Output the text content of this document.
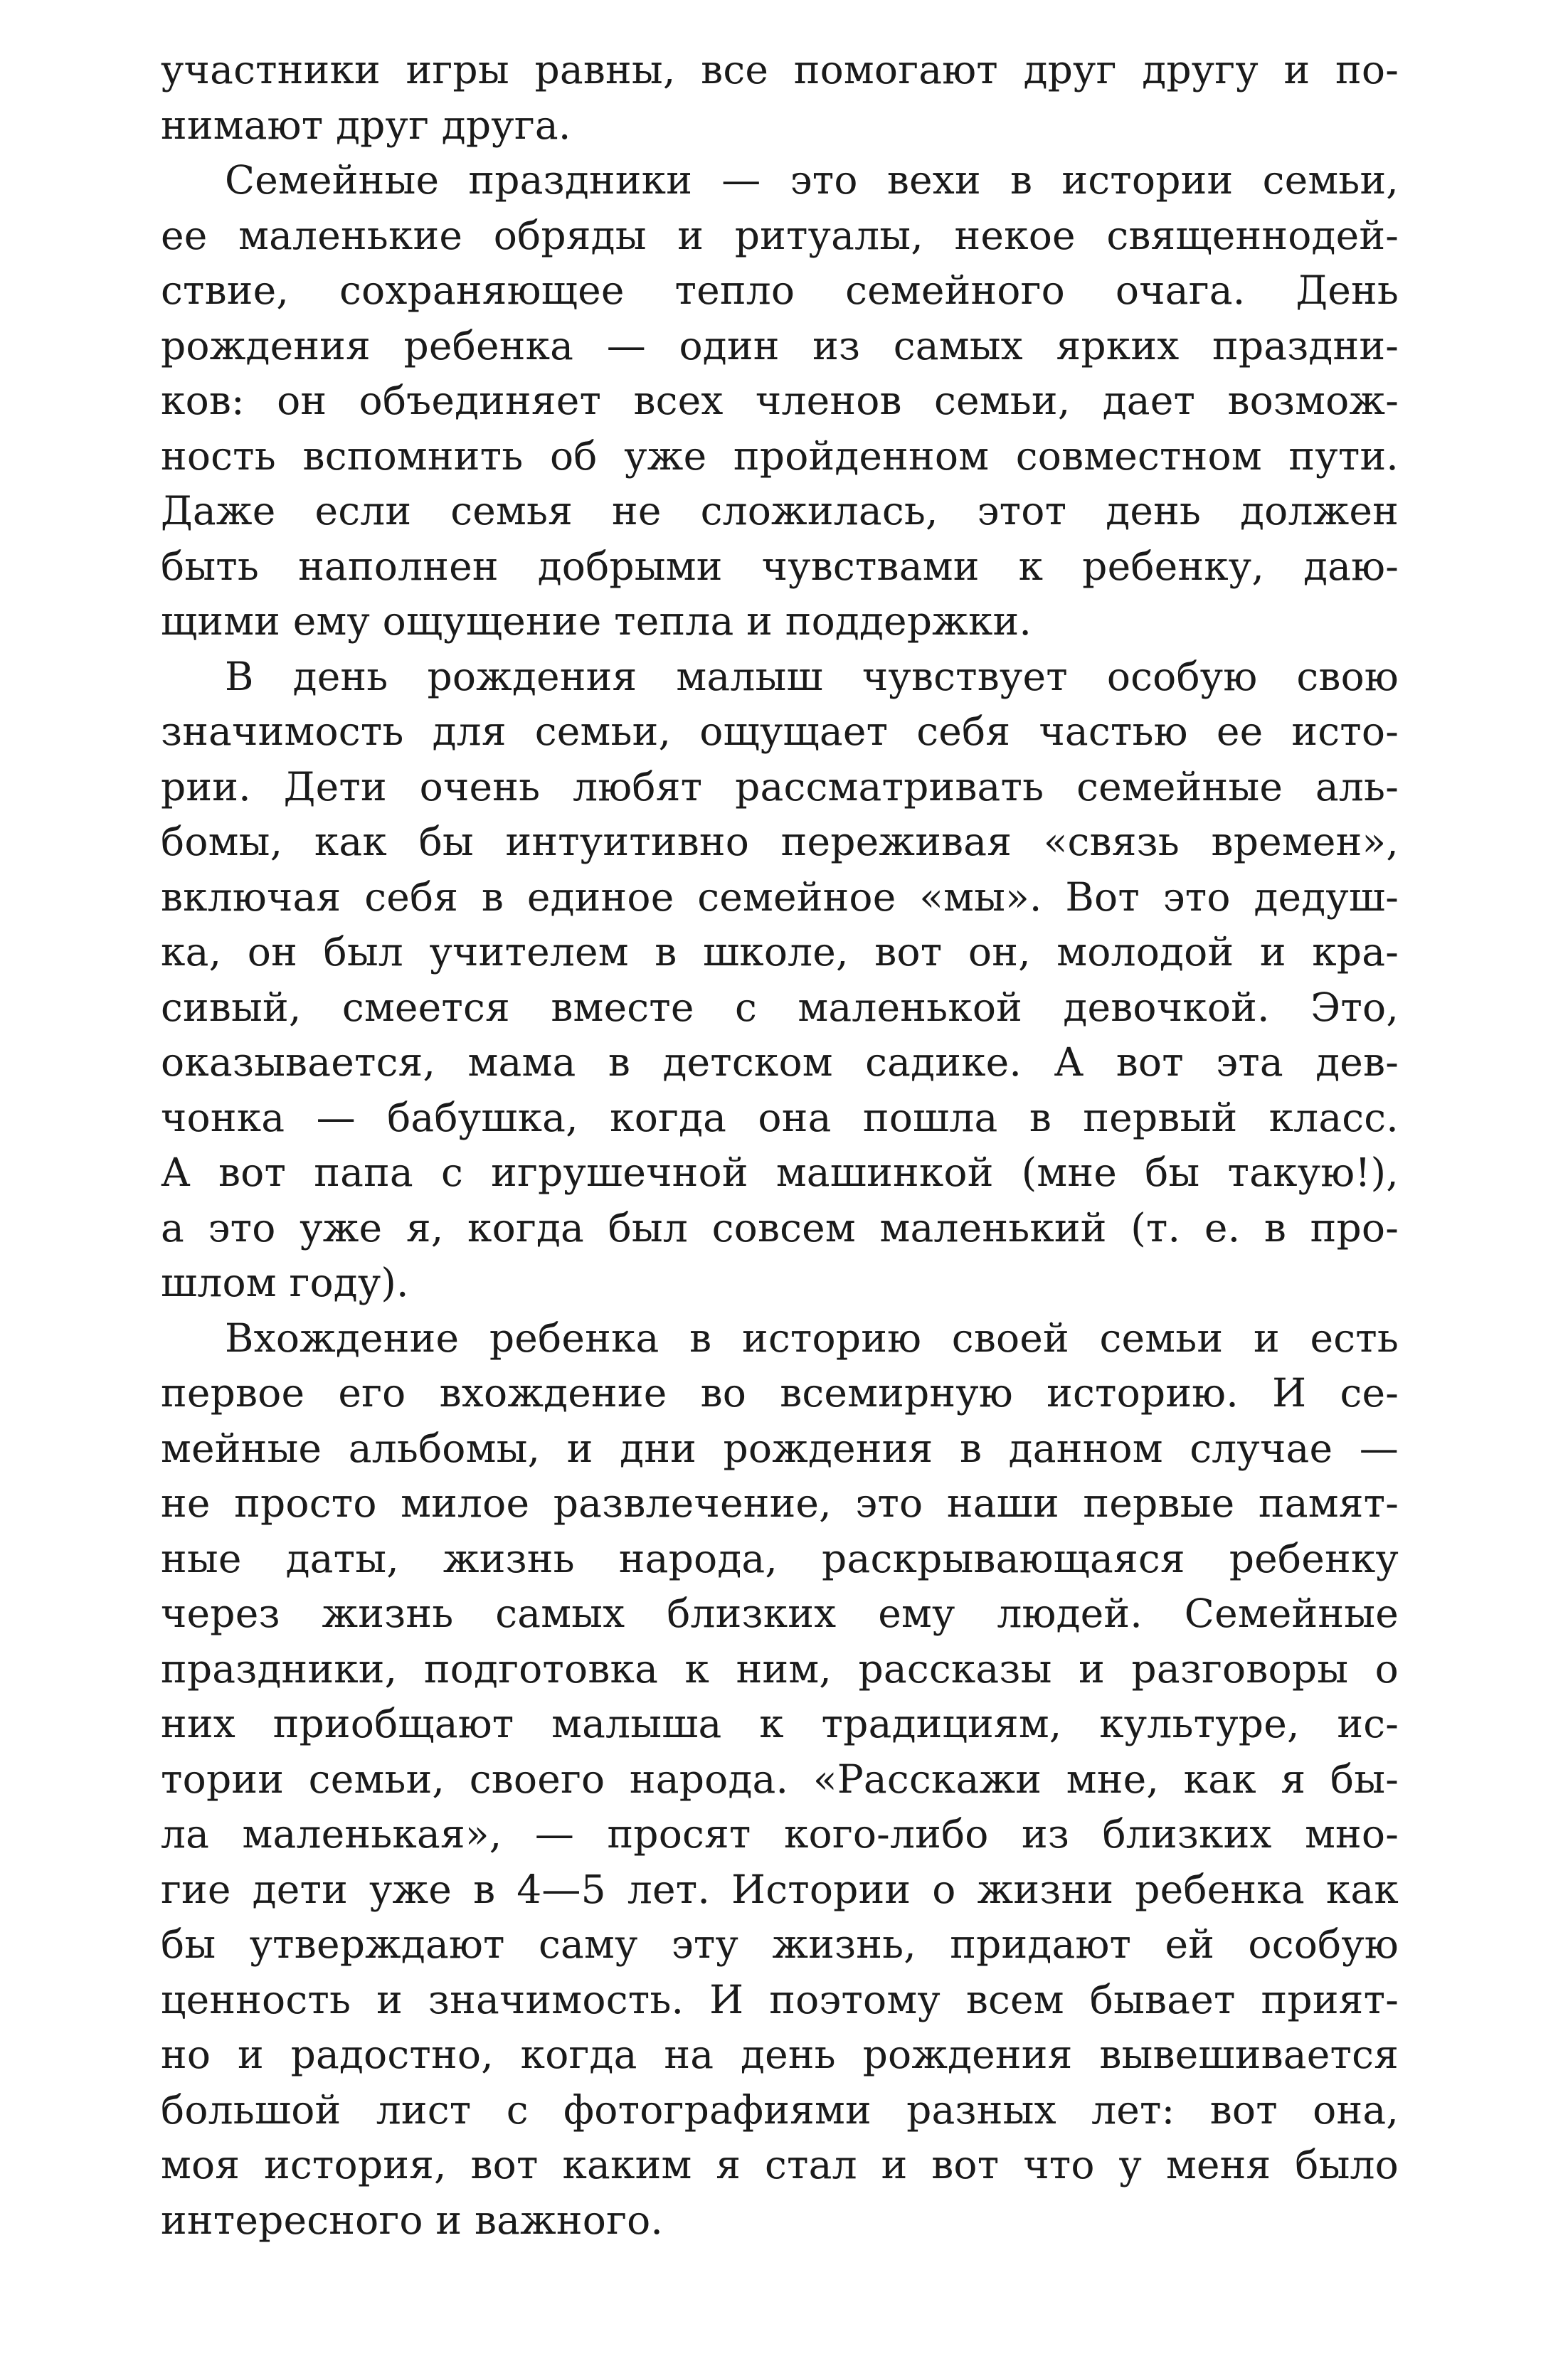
участники игры равны, все помогают друг другу и по-
нимают друг друга.
Семейные праздники — это вехи в истории семьи,
ее маленькие обряды и ритуалы, некое священнодей-
ствие, сохраняющее тепло семейного очага. День
рождения ребенка — один из самых ярких праздни-
ков: он объединяет всех членов семьи, дает возмож-
ность вспомнить об уже пройденном совместном пути.
Даже если семья не сложилась, этот день должен
быть наполнен добрыми чувствами к ребенку, даю-
щими ему ощущение тепла и поддержки.
В день рождения малыш чувствует особую свою
значимость для семьи, ощущает себя частью ее исто-
рии. Дети очень любят рассматривать семейные аль-
бомы, как бы интуитивно переживая «связь времен»,
включая себя в единое семейное «мы». Вот это дедуш-
ка, он был учителем в школе, вот он, молодой и кра-
сивый, смеется вместе с маленькой девочкой. Это,
оказывается, мама в детском садике. А вот эта дев-
чонка — бабушка, когда она пошла в первый класс.
А вот папа с игрушечной машинкой (мне бы такую!),
а это уже я, когда был совсем маленький (т. е. в про-
шлом году).
Вхождение ребенка в историю своей семьи и есть
первое его вхождение во всемирную историю. И се-
мейные альбомы, и дни рождения в данном случае —
не просто милое развлечение, это наши первые памят-
ные даты, жизнь народа, раскрывающаяся ребенку
через жизнь самых близких ему людей. Семейные
праздники, подготовка к ним, рассказы и разговоры о
них приобщают малыша к традициям, культуре, ис-
тории семьи, своего народа. «Расскажи мне, как я бы-
ла маленькая», — просят кого-либо из близких мно-
гие дети уже в 4—5 лет. Истории о жизни ребенка как
бы утверждают саму эту жизнь, придают ей особую
ценность и значимость. И поэтому всем бывает прият-
но и радостно, когда на день рождения вывешивается
большой лист с фотографиями разных лет: вот она,
моя история, вот каким я стал и вот что у меня было
интересного и важного.
